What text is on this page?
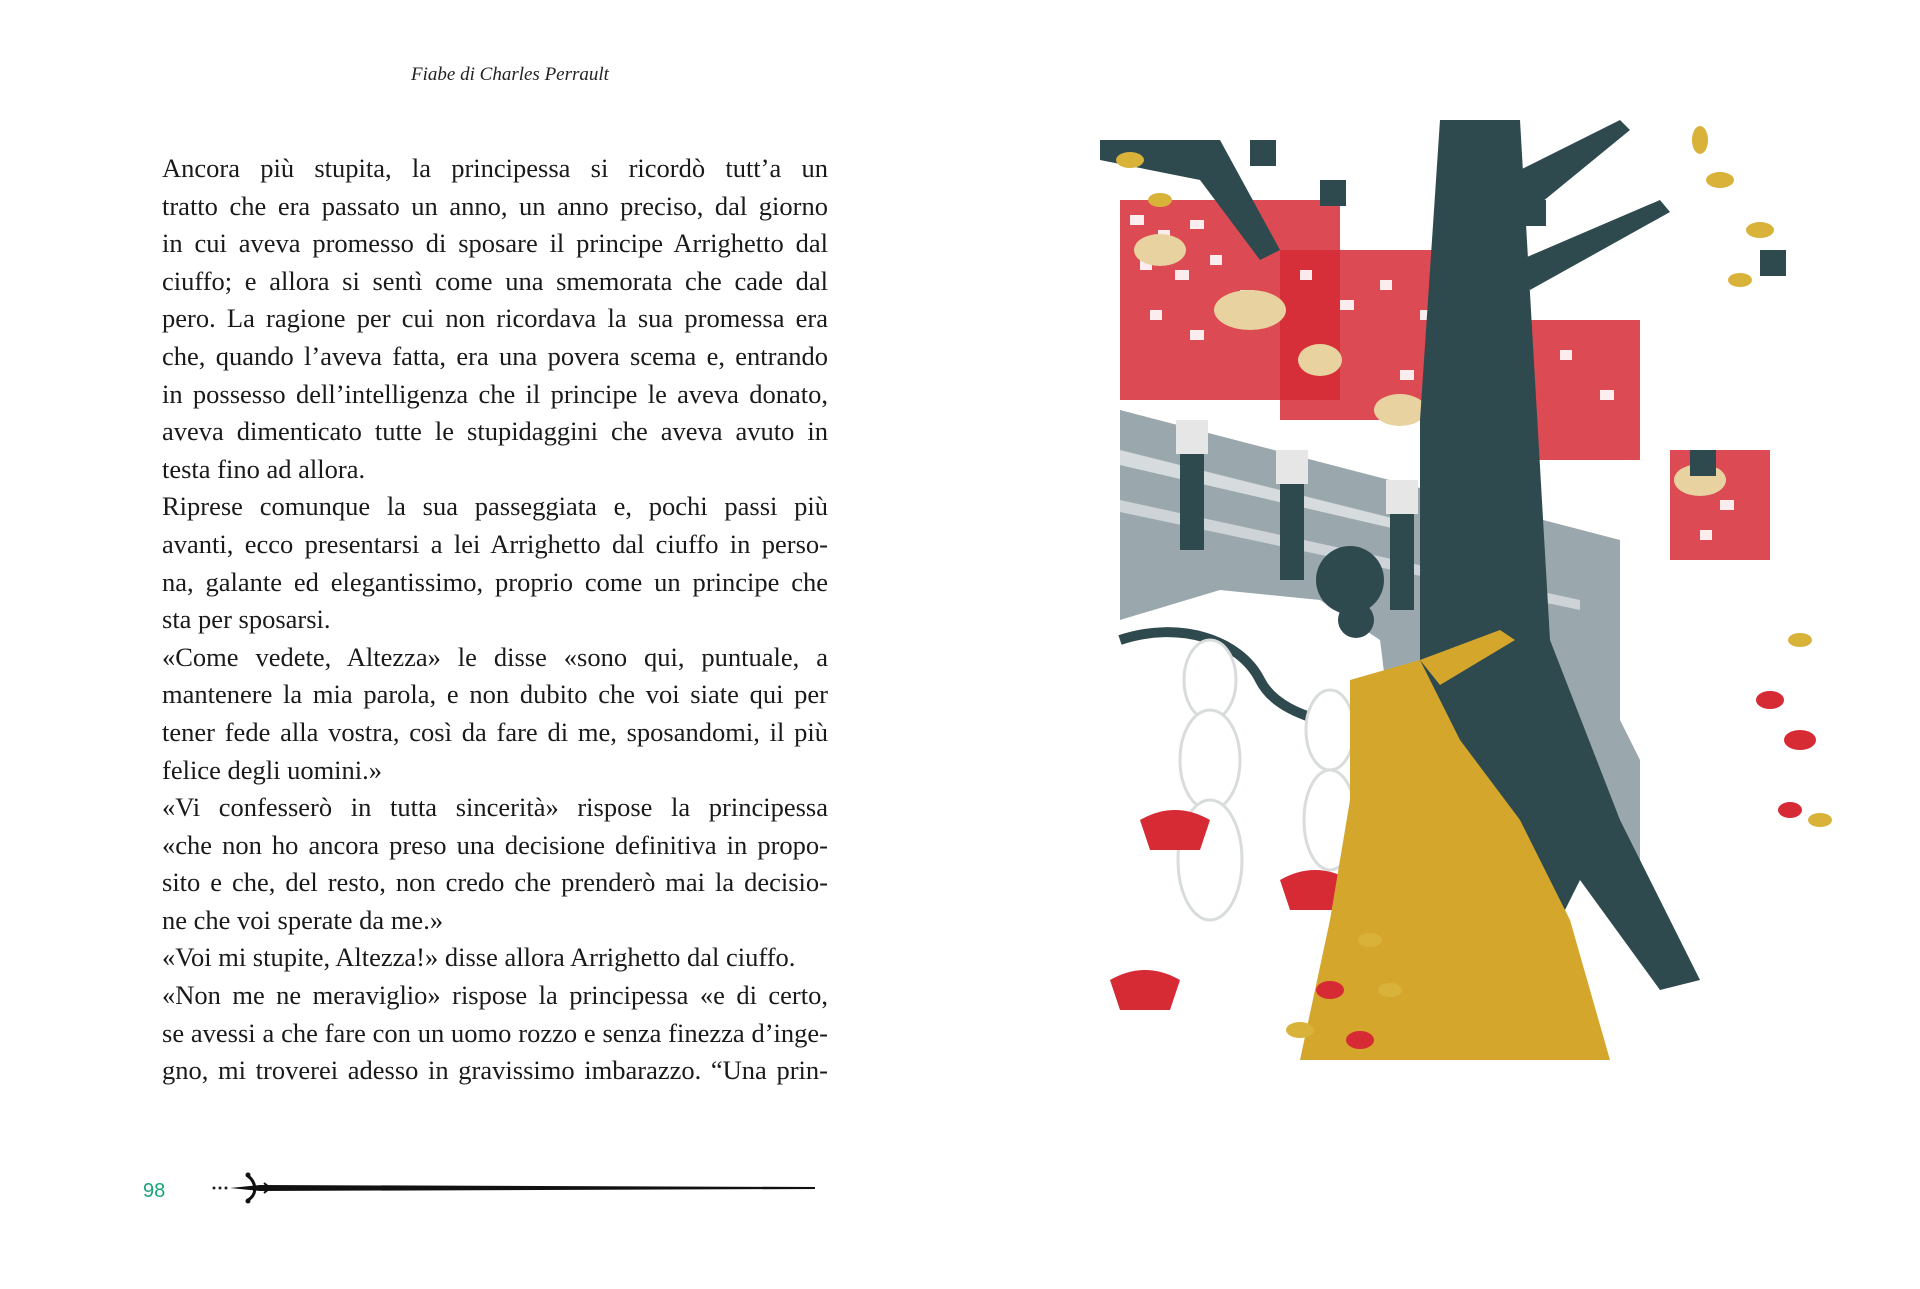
Fiabe di Charles Perrault

Ancora più stupita, la principessa si ricordò tutt’a un
tratto che era passato un anno, un anno preciso, dal giorno
in cui aveva promesso di sposare il principe Arrighetto dal
ciuffo; e allora si sentì come una smemorata che cade dal
pero. La ragione per cui non ricordava la sua promessa era
che, quando l’aveva fatta, era una povera scema e, entrando
in possesso dell’intelligenza che il principe le aveva donato,
aveva dimenticato tutte le stupidaggini che aveva avuto in
testa fino ad allora.

Riprese comunque la sua passeggiata e, pochi passi più
avanti, ecco presentarsi a lei Arrighetto dal ciuffo in perso-
na, galante ed elegantissimo, proprio come un principe che
sta per sposarsi.

«Come vedete, Altezza» le disse «sono qui, puntuale, a
mantenere la mia parola, e non dubito che voi siate qui per
tener fede alla vostra, così da fare di me, sposandomi, il più
felice degli uomini.»

«Vi confesserò in tutta sincerità» rispose la principessa
«che non ho ancora preso una decisione definitiva in propo-
sito e che, del resto, non credo che prenderò mai la decisio-
ne che voi sperate da me.»

«Voi mi stupite, Altezza!» disse allora Arrighetto dal ciuffo.

«Non me ne meraviglio» rispose la principessa «e di certo,
se avessi a che fare con un uomo rozzo e senza finezza d’inge-
gno, mi troverei adesso in gravissimo imbarazzo. “Una prin-

98
